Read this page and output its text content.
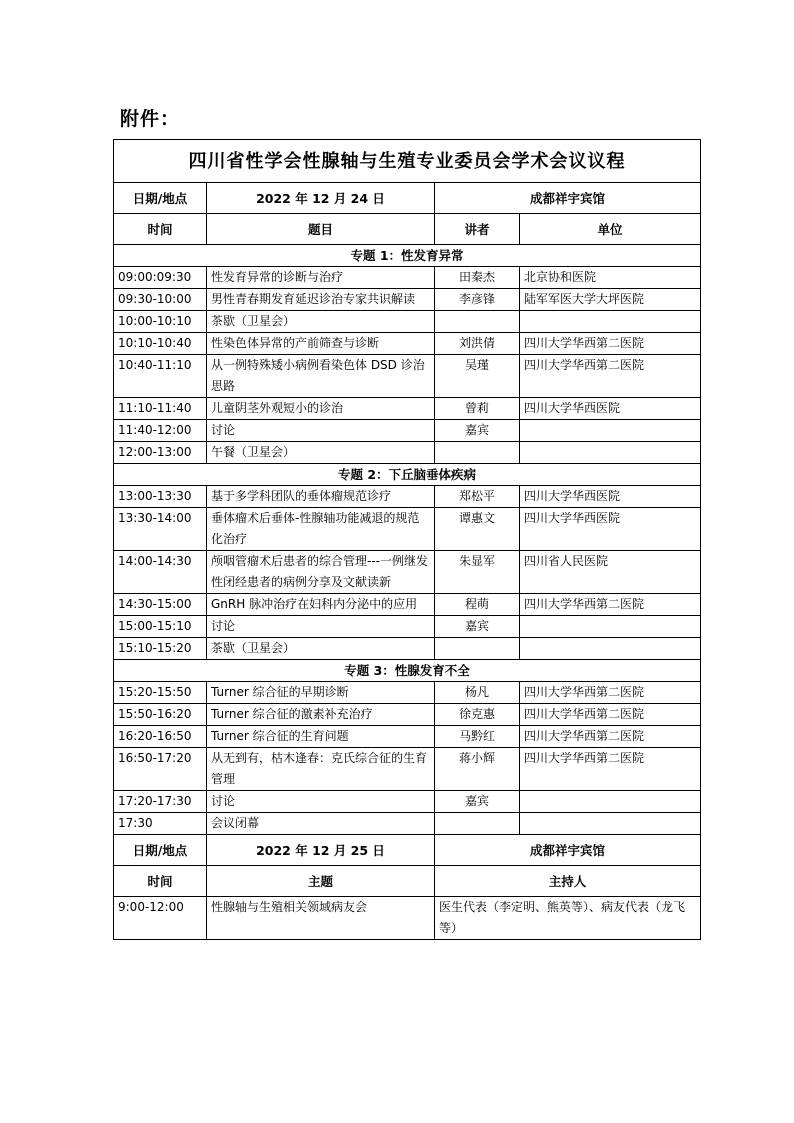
附件：
四川省性学会性腺轴与生殖专业委员会学术会议议程			
日期/地点	2022 年 12 月 24 日	成都祥宇宾馆	
时间	题目	讲者	单位
专题 1：性发育异常			
09:00:09:30	性发育异常的诊断与治疗	田秦杰	北京协和医院
09:30-10:00	男性青春期发育延迟诊治专家共识解读	李彦锋	陆军军医大学大坪医院
10:00-10:10	茶歇（卫星会）		
10:10-10:40	性染色体异常的产前筛查与诊断	刘洪倩	四川大学华西第二医院
10:40-11:10	从一例特殊矮小病例看染色体 DSD 诊治思路	吴瑾	四川大学华西第二医院
11:10-11:40	儿童阴茎外观短小的诊治	曾莉	四川大学华西医院
11:40-12:00	讨论	嘉宾	
12:00-13:00	午餐（卫星会）		
专题 2：下丘脑垂体疾病			
13:00-13:30	基于多学科团队的垂体瘤规范诊疗	郑松平	四川大学华西医院
13:30-14:00	垂体瘤术后垂体-性腺轴功能减退的规范化治疗	谭惠文	四川大学华西医院
14:00-14:30	颅咽管瘤术后患者的综合管理---一例继发性闭经患者的病例分享及文献读新	朱显军	四川省人民医院
14:30-15:00	GnRH 脉冲治疗在妇科内分泌中的应用	程萌	四川大学华西第二医院
15:00-15:10	讨论	嘉宾	
15:10-15:20	茶歇（卫星会）		
专题 3：性腺发育不全			
15:20-15:50	Turner 综合征的早期诊断	杨凡	四川大学华西第二医院
15:50-16:20	Turner 综合征的激素补充治疗	徐克惠	四川大学华西第二医院
16:20-16:50	Turner 综合征的生育问题	马黔红	四川大学华西第二医院
16:50-17:20	从无到有，枯木逢春：克氏综合征的生育管理	蒋小辉	四川大学华西第二医院
17:20-17:30	讨论	嘉宾	
17:30	会议闭幕		
日期/地点	2022 年 12 月 25 日	成都祥宇宾馆	
时间	主题	主持人	
9:00-12:00	性腺轴与生殖相关领域病友会	医生代表（李定明、熊英等）、病友代表（龙飞等）	
